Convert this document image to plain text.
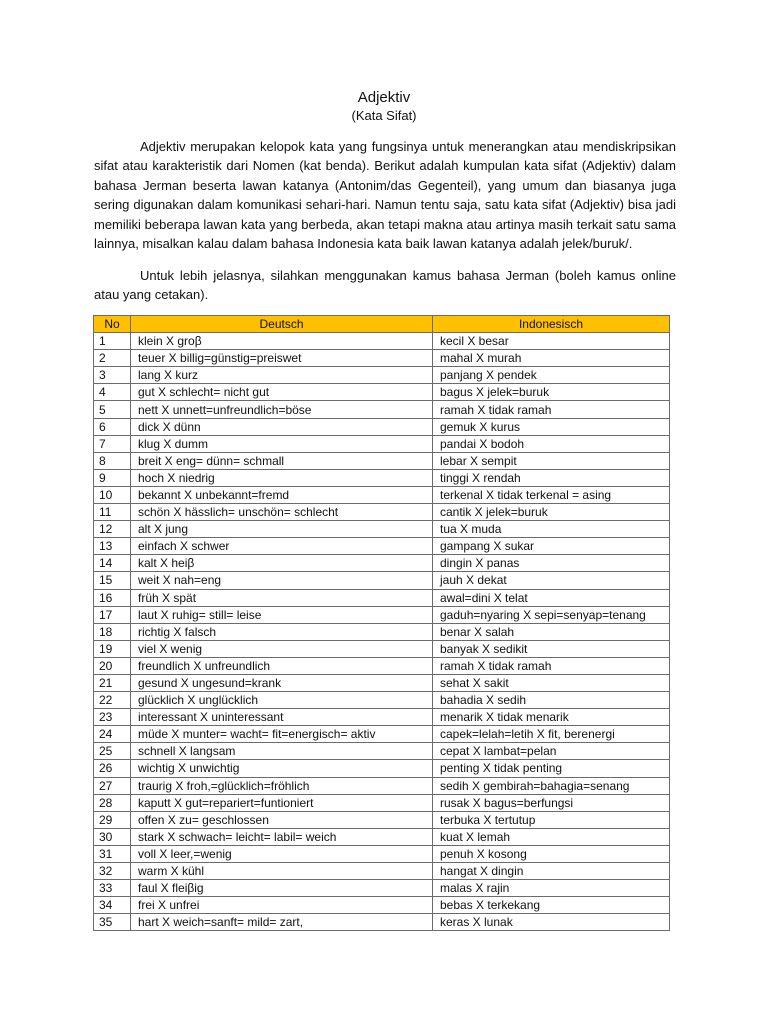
Adjektiv
(Kata Sifat)

Adjektiv merupakan kelopok kata yang fungsinya untuk menerangkan atau mendiskripsikan sifat atau karakteristik dari Nomen (kat benda). Berikut adalah kumpulan kata sifat (Adjektiv) dalam bahasa Jerman beserta lawan katanya (Antonim/das Gegenteil), yang umum dan biasanya juga sering digunakan dalam komunikasi sehari-hari. Namun tentu saja, satu kata sifat (Adjektiv) bisa jadi memiliki beberapa lawan kata yang berbeda, akan tetapi makna atau artinya masih terkait satu sama lainnya, misalkan kalau dalam bahasa Indonesia kata baik lawan katanya adalah jelek/buruk/.

Untuk lebih jelasnya, silahkan menggunakan kamus bahasa Jerman (boleh kamus online atau yang cetakan).

No	Deutsch	Indonesisch
1	klein X groβ	kecil X besar
2	teuer X billig=günstig=preiswet	mahal X murah
3	lang X kurz	panjang X pendek
4	gut X schlecht= nicht gut	bagus X jelek=buruk
5	nett X unnett=unfreundlich=böse	ramah X tidak ramah
6	dick X dünn	gemuk X kurus
7	klug X dumm	pandai X bodoh
8	breit X eng= dünn= schmall	lebar X sempit
9	hoch X niedrig	tinggi X rendah
10	bekannt X unbekannt=fremd	terkenal X tidak terkenal = asing
11	schön X hässlich= unschön= schlecht	cantik X jelek=buruk
12	alt X jung	tua X muda
13	einfach X schwer	gampang X sukar
14	kalt X heiβ	dingin X panas
15	weit X nah=eng	jauh X dekat
16	früh X spät	awal=dini X telat
17	laut X ruhig= still= leise	gaduh=nyaring X sepi=senyap=tenang
18	richtig X falsch	benar X salah
19	viel X wenig	banyak X sedikit
20	freundlich X unfreundlich	ramah X tidak ramah
21	gesund X ungesund=krank	sehat X sakit
22	glücklich X unglücklich	bahadia X sedih
23	interessant X uninteressant	menarik X tidak menarik
24	müde X munter= wacht= fit=energisch= aktiv	capek=lelah=letih X fit, berenergi
25	schnell X langsam	cepat X lambat=pelan
26	wichtig X unwichtig	penting X tidak penting
27	traurig X froh,=glücklich=fröhlich	sedih X gembirah=bahagia=senang
28	kaputt X gut=repariert=funtioniert	rusak X bagus=berfungsi
29	offen X zu= geschlossen	terbuka X tertutup
30	stark X schwach= leicht= labil= weich	kuat X lemah
31	voll X leer,=wenig	penuh X kosong
32	warm X kühl	hangat X dingin
33	faul X fleiβig	malas X rajin
34	frei X unfrei	bebas X terkekang
35	hart X weich=sanft= mild= zart,	keras X lunak
